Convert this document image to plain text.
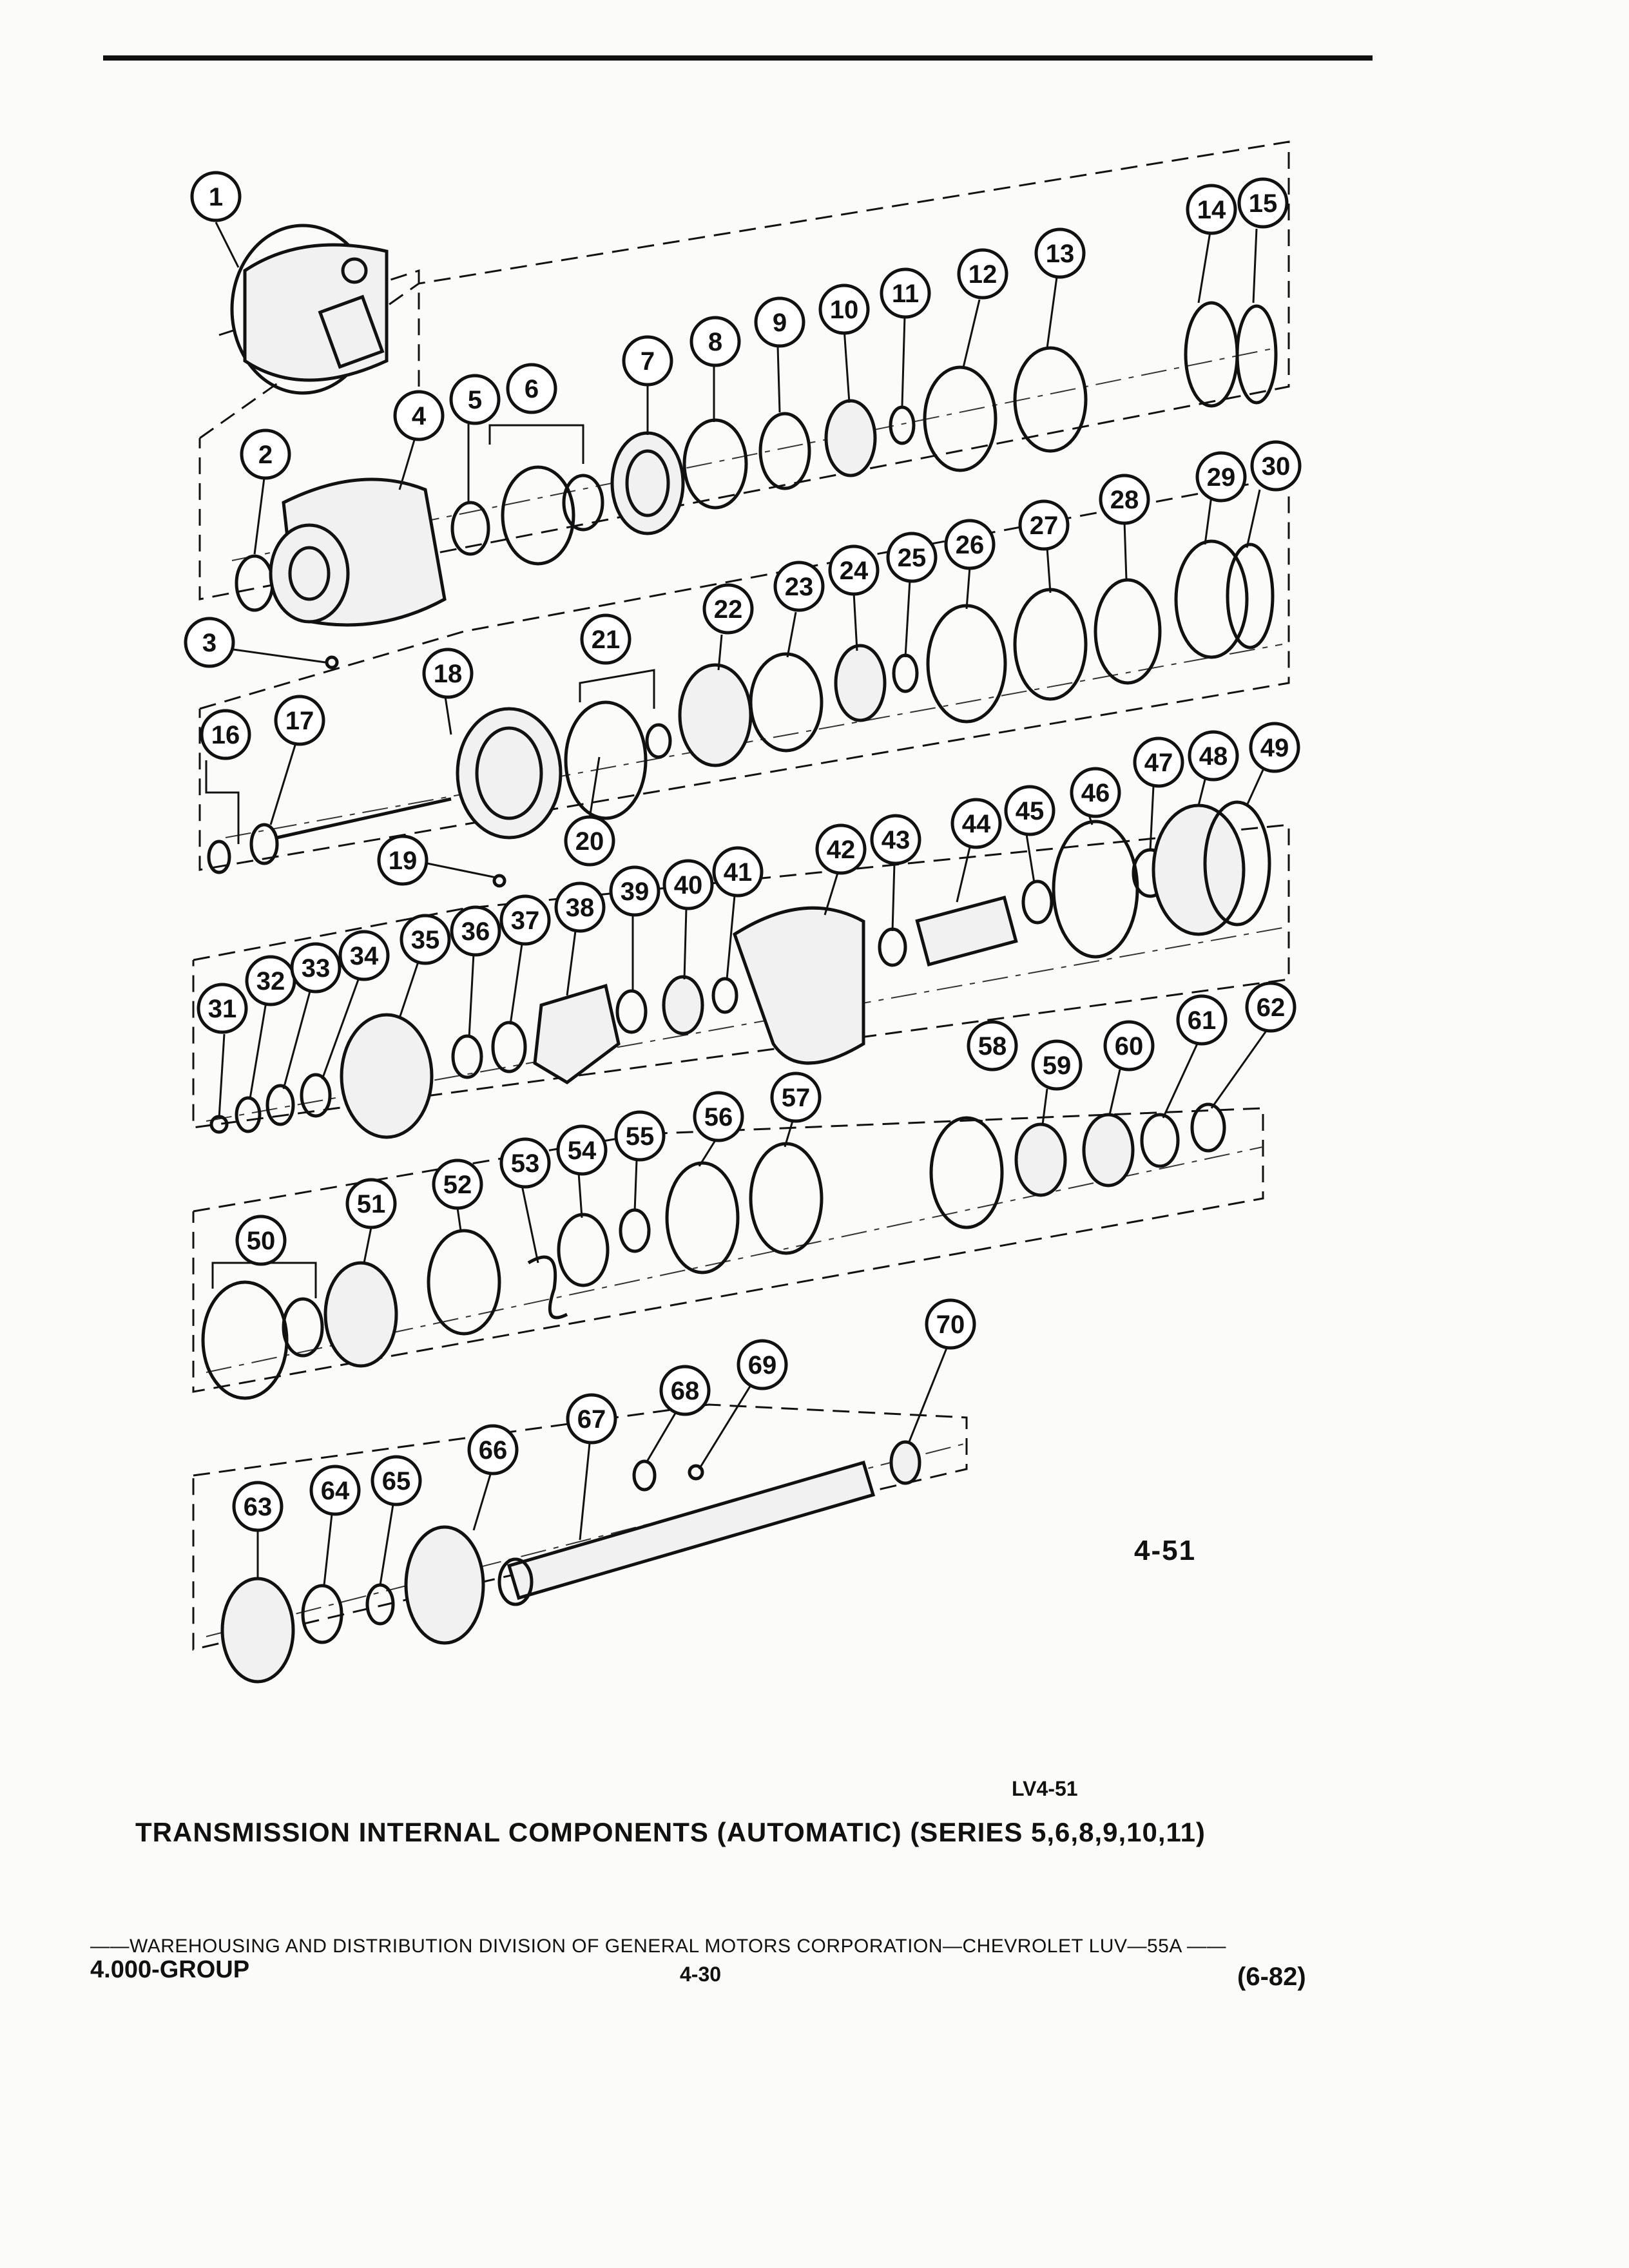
1
2
3
4
5 6
7
8
9 10
11
12
13
14 15
16 17
18
19
20
21
22
23
24 25 26
27
28
29 30
31
32 33 34
35 36 37 38
39 40 41
42 43
44 45
46
47 48 49
50
51
52
53 54 55
56
57
58
59
60
61 62
63
64 65
66
67
68
69
70
4-51
LV4-51
TRANSMISSION INTERNAL COMPONENTS (AUTOMATIC) (SERIES 5,6,8,9,10,11)
——WAREHOUSING AND DISTRIBUTION DIVISION OF GENERAL MOTORS CORPORATION—CHEVROLET LUV—55A ——
4.000-GROUP	4-30	(6-82)
